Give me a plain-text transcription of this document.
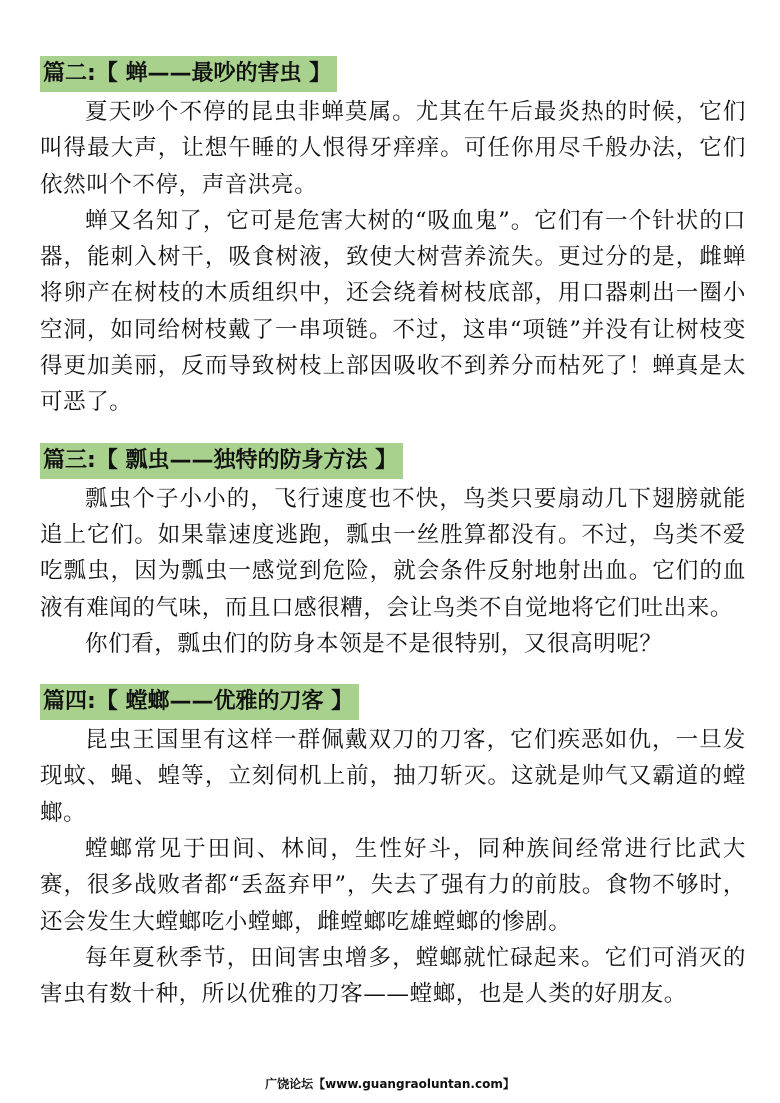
篇二:【 蝉——最吵的害虫 】

夏天吵个不停的昆虫非蝉莫属。尤其在午后最炎热的时候，它们叫得最大声，让想午睡的人恨得牙痒痒。可任你用尽千般办法，它们依然叫个不停，声音洪亮。

蝉又名知了，它可是危害大树的“吸血鬼”。它们有一个针状的口器，能刺入树干，吸食树液，致使大树营养流失。更过分的是，雌蝉将卵产在树枝的木质组织中，还会绕着树枝底部，用口器刺出一圈小空洞，如同给树枝戴了一串项链。不过，这串“项链”并没有让树枝变得更加美丽，反而导致树枝上部因吸收不到养分而枯死了！蝉真是太可恶了。

篇三:【 瓢虫——独特的防身方法 】

瓢虫个子小小的，飞行速度也不快，鸟类只要扇动几下翅膀就能追上它们。如果靠速度逃跑，瓢虫一丝胜算都没有。不过，鸟类不爱吃瓢虫，因为瓢虫一感觉到危险，就会条件反射地射出血。它们的血液有难闻的气味，而且口感很糟，会让鸟类不自觉地将它们吐出来。

你们看，瓢虫们的防身本领是不是很特别，又很高明呢？

篇四:【 螳螂——优雅的刀客 】

昆虫王国里有这样一群佩戴双刀的刀客，它们疾恶如仇，一旦发现蚊、蝇、蝗等，立刻伺机上前，抽刀斩灭。这就是帅气又霸道的螳螂。

螳螂常见于田间、林间，生性好斗，同种族间经常进行比武大赛，很多战败者都“丢盔弃甲”，失去了强有力的前肢。食物不够时，还会发生大螳螂吃小螳螂，雌螳螂吃雄螳螂的惨剧。

每年夏秋季节，田间害虫增多，螳螂就忙碌起来。它们可消灭的害虫有数十种，所以优雅的刀客——螳螂，也是人类的好朋友。

广饶论坛【www.guangraoluntan.com】
